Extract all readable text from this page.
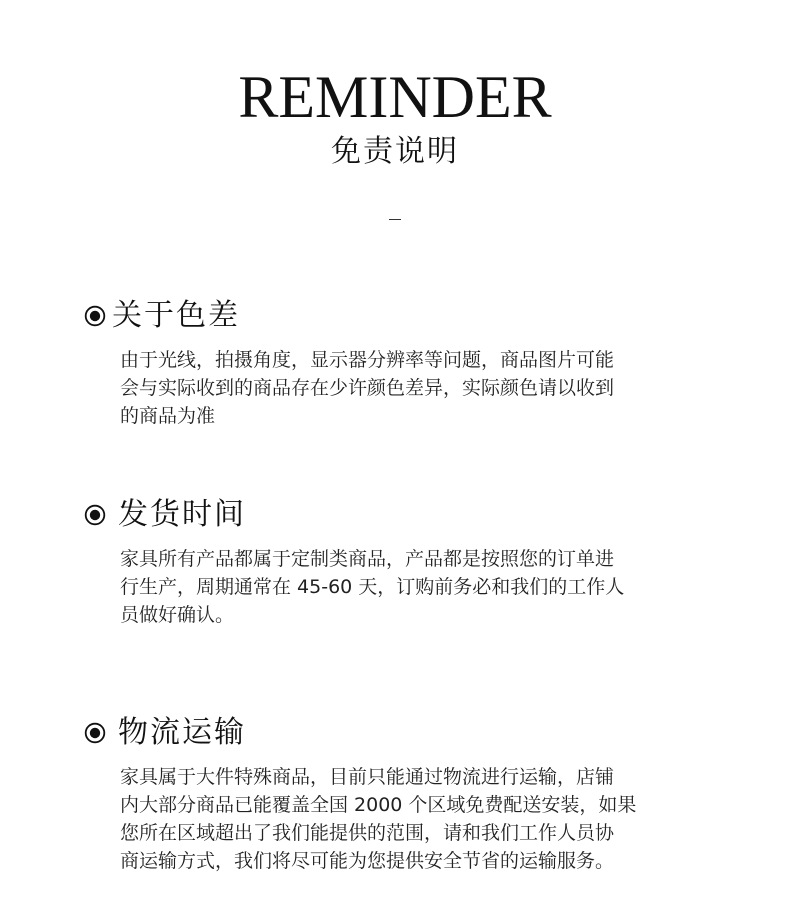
REMINDER
免责说明
关于色差
由于光线，拍摄角度，显示器分辨率等问题，商品图片可能
会与实际收到的商品存在少许颜色差异，实际颜色请以收到
的商品为准
发货时间
家具所有产品都属于定制类商品，产品都是按照您的订单进
行生产，周期通常在 45-60 天，订购前务必和我们的工作人
员做好确认。
物流运输
家具属于大件特殊商品，目前只能通过物流进行运输，店铺
内大部分商品已能覆盖全国 2000 个区域免费配送安装，如果
您所在区域超出了我们能提供的范围，请和我们工作人员协
商运输方式，我们将尽可能为您提供安全节省的运输服务。
